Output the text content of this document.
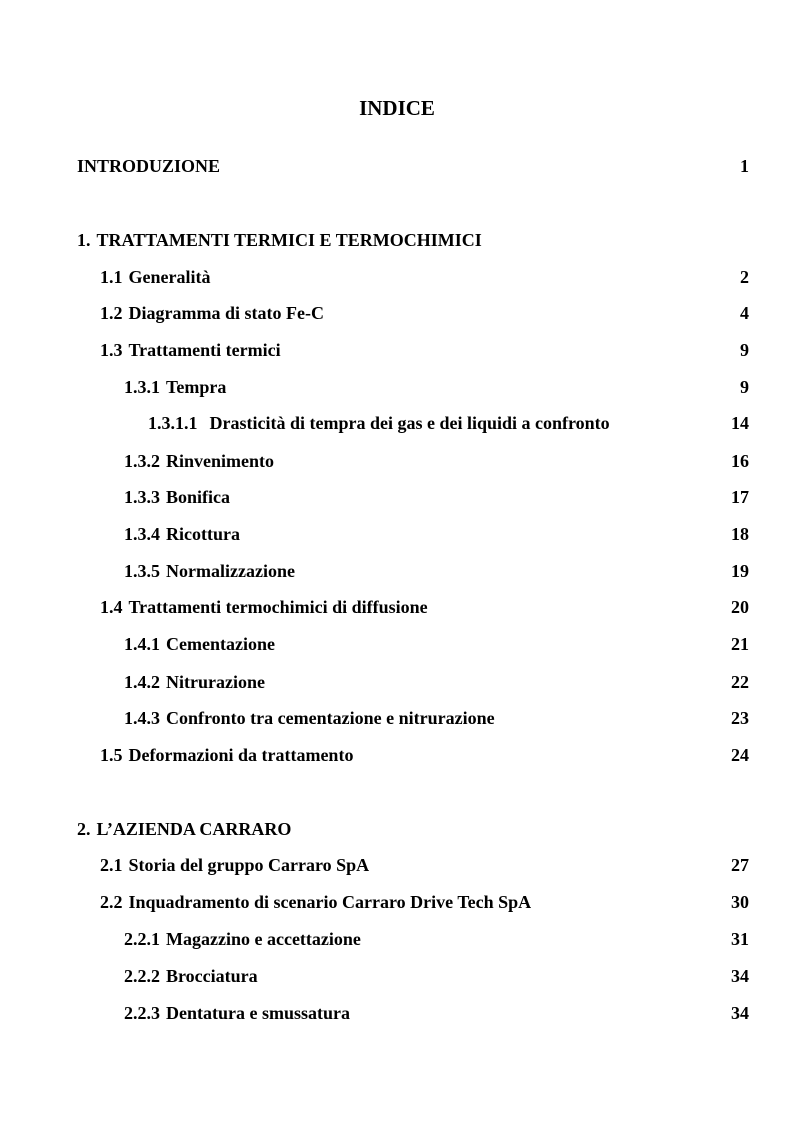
INDICE
INTRODUZIONE	1
1. TRATTAMENTI TERMICI E TERMOCHIMICI
1.1 Generalità	2
1.2 Diagramma di stato Fe-C	4
1.3 Trattamenti termici	9
1.3.1 Tempra	9
1.3.1.1 Drasticità di tempra dei gas e dei liquidi a confronto	14
1.3.2 Rinvenimento	16
1.3.3 Bonifica	17
1.3.4 Ricottura	18
1.3.5 Normalizzazione	19
1.4 Trattamenti termochimici di diffusione	20
1.4.1 Cementazione	21
1.4.2 Nitrurazione	22
1.4.3 Confronto tra cementazione e nitrurazione	23
1.5 Deformazioni da trattamento	24
2. L’AZIENDA CARRARO
2.1 Storia del gruppo Carraro SpA	27
2.2 Inquadramento di scenario Carraro Drive Tech SpA	30
2.2.1 Magazzino e accettazione	31
2.2.2 Brocciatura	34
2.2.3 Dentatura e smussatura	34
